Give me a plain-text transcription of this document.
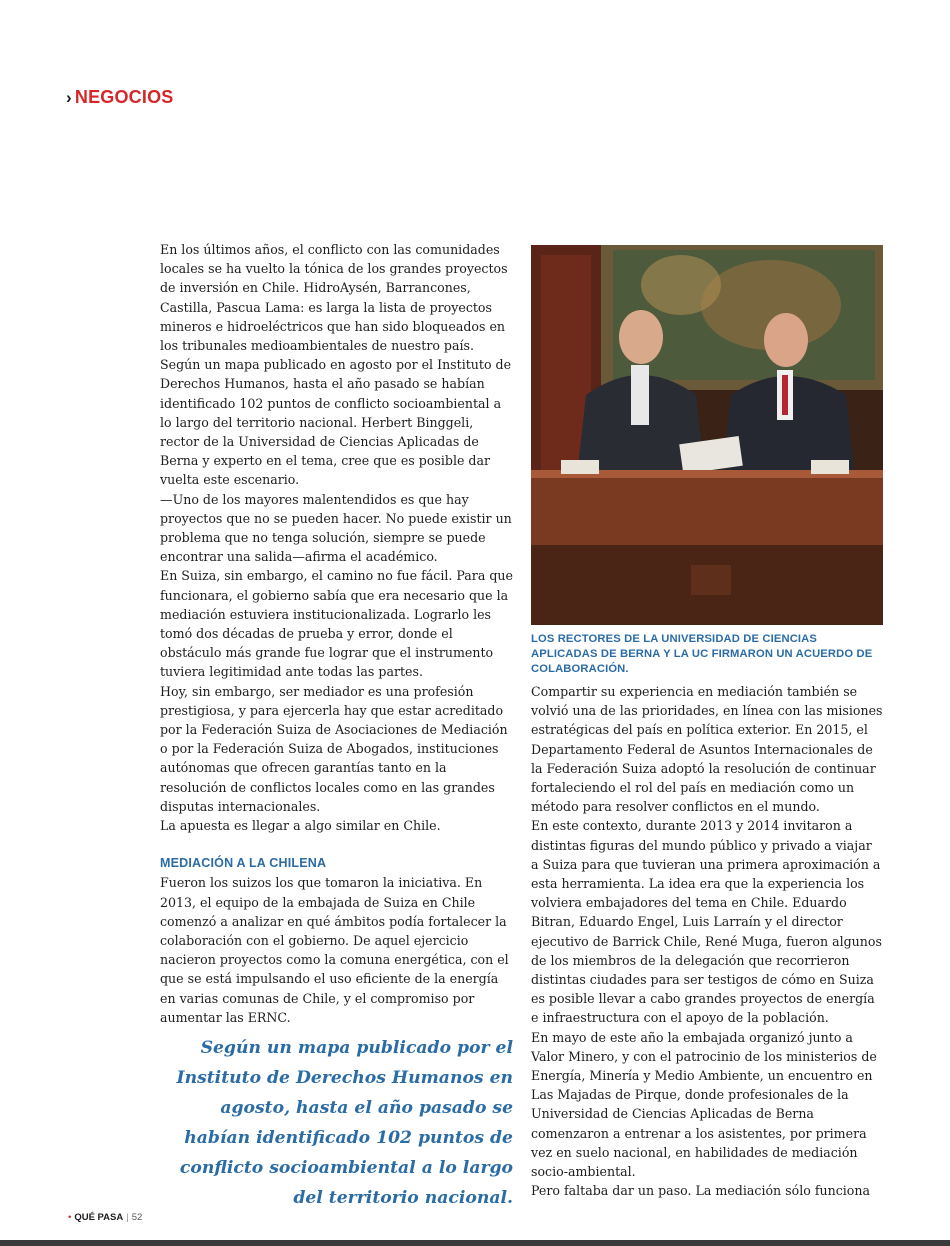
› NEGOCIOS

En los últimos años, el conflicto con las comunidades locales se ha vuelto la tónica de los grandes proyectos de inversión en Chile. HidroAysén, Barrancones, Castilla, Pascua Lama: es larga la lista de proyectos mineros e hidroeléctricos que han sido bloqueados en los tribunales medioambientales de nuestro país. Según un mapa publicado en agosto por el Instituto de Derechos Humanos, hasta el año pasado se habían identificado 102 puntos de conflicto socioambiental a lo largo del territorio nacional. Herbert Binggeli, rector de la Universidad de Ciencias Aplicadas de Berna y experto en el tema, cree que es posible dar vuelta este escenario.

—Uno de los mayores malentendidos es que hay proyectos que no se pueden hacer. No puede existir un problema que no tenga solución, siempre se puede encontrar una salida—afirma el académico.

En Suiza, sin embargo, el camino no fue fácil. Para que funcionara, el gobierno sabía que era necesario que la mediación estuviera institucionalizada. Lograrlo les tomó dos décadas de prueba y error, donde el obstáculo más grande fue lograr que el instrumento tuviera legitimidad ante todas las partes.

Hoy, sin embargo, ser mediador es una profesión prestigiosa, y para ejercerla hay que estar acreditado por la Federación Suiza de Asociaciones de Mediación o por la Federación Suiza de Abogados, instituciones autónomas que ofrecen garantías tanto en la resolución de conflictos locales como en las grandes disputas internacionales.

La apuesta es llegar a algo similar en Chile.

MEDIACIÓN A LA CHILENA

Fueron los suizos los que tomaron la iniciativa. En 2013, el equipo de la embajada de Suiza en Chile comenzó a analizar en qué ámbitos podía fortalecer la colaboración con el gobierno. De aquel ejercicio nacieron proyectos como la comuna energética, con el que se está impulsando el uso eficiente de la energía en varias comunas de Chile, y el compromiso por aumentar las ERNC.

LOS RECTORES DE LA UNIVERSIDAD DE CIENCIAS APLICADAS DE BERNA Y LA UC FIRMARON UN ACUERDO DE COLABORACIÓN.

Compartir su experiencia en mediación también se volvió una de las prioridades, en línea con las misiones estratégicas del país en política exterior. En 2015, el Departamento Federal de Asuntos Internacionales de la Federación Suiza adoptó la resolución de continuar fortaleciendo el rol del país en mediación como un método para resolver conflictos en el mundo.

En este contexto, durante 2013 y 2014 invitaron a distintas figuras del mundo público y privado a viajar a Suiza para que tuvieran una primera aproximación a esta herramienta. La idea era que la experiencia los volviera embajadores del tema en Chile. Eduardo Bitran, Eduardo Engel, Luis Larraín y el director ejecutivo de Barrick Chile, René Muga, fueron algunos de los miembros de la delegación que recorrieron distintas ciudades para ser testigos de cómo en Suiza es posible llevar a cabo grandes proyectos de energía e infraestructura con el apoyo de la población.

En mayo de este año la embajada organizó junto a Valor Minero, y con el patrocinio de los ministerios de Energía, Minería y Medio Ambiente, un encuentro en Las Majadas de Pirque, donde profesionales de la Universidad de Ciencias Aplicadas de Berna comenzaron a entrenar a los asistentes, por primera vez en suelo nacional, en habilidades de mediación socio-ambiental.

Pero faltaba dar un paso. La mediación sólo funciona

Según un mapa publicado por el Instituto de Derechos Humanos en agosto, hasta el año pasado se habían identificado 102 puntos de conflicto socioambiental a lo largo del territorio nacional.
• QUÉ PASA | 52
